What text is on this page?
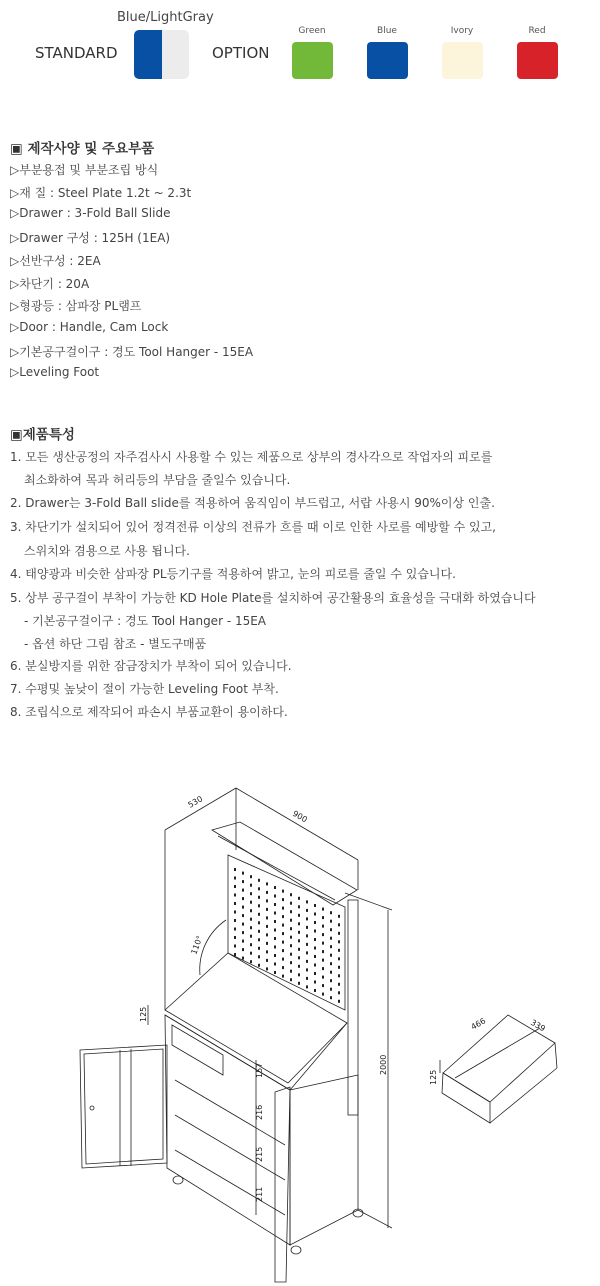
Blue/LightGray
STANDARD	OPTION
Green	Blue	Ivory	Red
▣ 제작사양 및 주요부품
▷부분용접 및 부분조립 방식
▷재 질 : Steel Plate 1.2t ~ 2.3t
▷Drawer : 3-Fold Ball Slide
▷Drawer 구성 : 125H (1EA)
▷선반구성 : 2EA
▷차단기 : 20A
▷형광등 : 삼파장 PL램프
▷Door : Handle, Cam Lock
▷기본공구걸이구 : 경도 Tool Hanger - 15EA
▷Leveling Foot
▣제품특성
1. 모든 생산공정의 자주검사시 사용할 수 있는 제품으로 상부의 경사각으로 작업자의 피로를
최소화하여 목과 허리등의 부담을 줄일수 있습니다.
2. Drawer는 3-Fold Ball slide를 적용하여 움직임이 부드럽고, 서랍 사용시 90%이상 인출.
3. 차단기가 설치되어 있어 정격전류 이상의 전류가 흐를 때 이로 인한 사로를 예방할 수 있고,
스위치와 겸용으로 사용 됩니다.
4. 태양광과 비슷한 삼파장 PL등기구를 적용하여 밝고, 눈의 피로를 줄일 수 있습니다.
5. 상부 공구걸이 부착이 가능한 KD Hole Plate를 설치하여 공간활용의 효율성을 극대화 하였습니다
- 기본공구걸이구 : 경도 Tool Hanger - 15EA
- 옵션 하단 그림 참조 - 별도구매품
6. 분실방지를 위한 잠금장치가 부착이 되어 있습니다.
7. 수평및 높낮이 절이 가능한 Leveling Foot 부착.
8. 조립식으로 제작되어 파손시 부품교환이 용이하다.
530
900
110°
125
157
216
215
211
2000
466	339
125
